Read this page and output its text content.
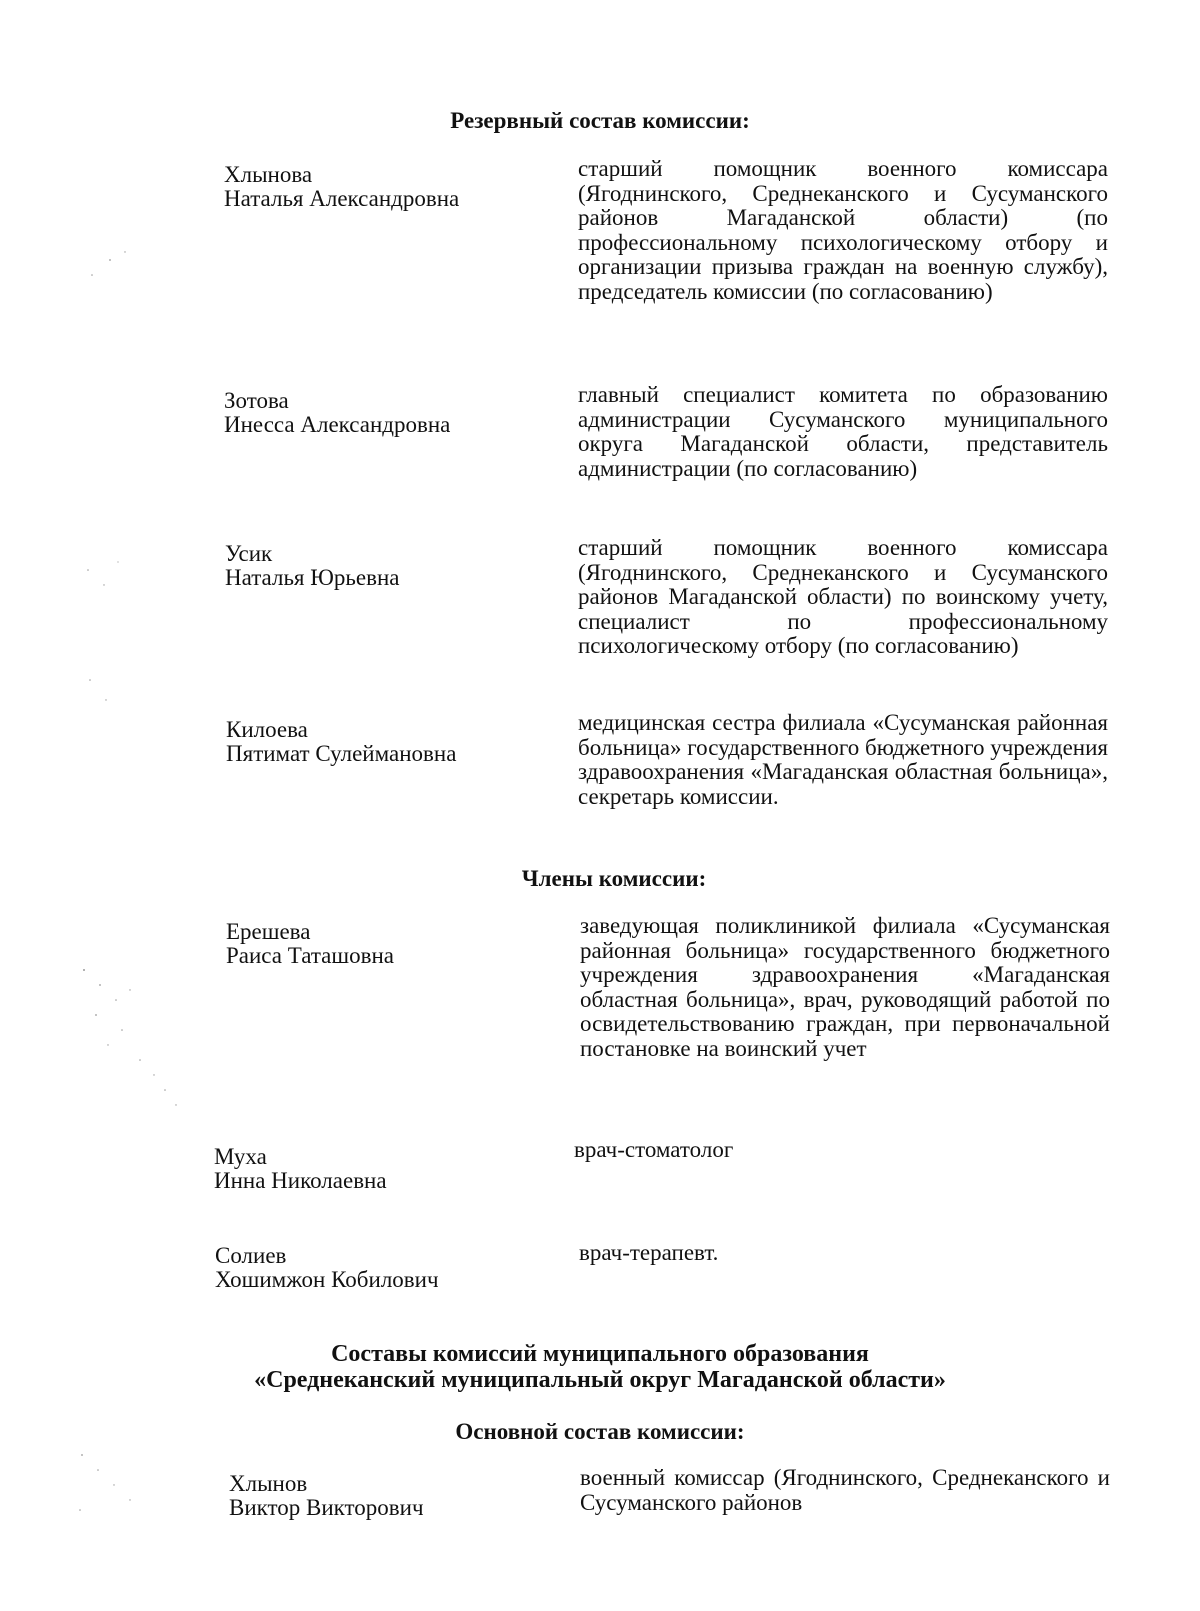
Резервный состав комиссии:
Хлынова
Наталья Александровна
старший помощник военного комиссара (Ягоднинского, Среднеканского и Сусуманского районов Магаданской области) (по профессиональному психологическому отбору и организации призыва граждан на военную службу), председатель комиссии (по согласованию)
Зотова
Инесса Александровна
главный специалист комитета по образованию администрации Сусуманского муниципального округа Магаданской области, представитель администрации (по согласованию)
Усик
Наталья Юрьевна
старший помощник военного комиссара (Ягоднинского, Среднеканского и Сусуманского районов Магаданской области) по воинскому учету, специалист по профессиональному психологическому отбору (по согласованию)
Килоева
Пятимат Сулеймановна
медицинская сестра филиала «Сусуманская районная больница» государственного бюджетного учреждения здравоохранения «Магаданская областная больница», секретарь комиссии.
Члены комиссии:
Ерешева
Раиса Таташовна
заведующая поликлиникой филиала «Сусуманская районная больница» государственного бюджетного учреждения здравоохранения «Магаданская областная больница», врач, руководящий работой по освидетельствованию граждан, при первоначальной постановке на воинский учет
Муха
Инна Николаевна
врач-стоматолог
Солиев
Хошимжон Кобилович
врач-терапевт.
Составы комиссий муниципального образования
«Среднеканский муниципальный округ Магаданской области»
Основной состав комиссии:
Хлынов
Виктор Викторович
военный комиссар (Ягоднинского, Среднеканского и Сусуманского районов
